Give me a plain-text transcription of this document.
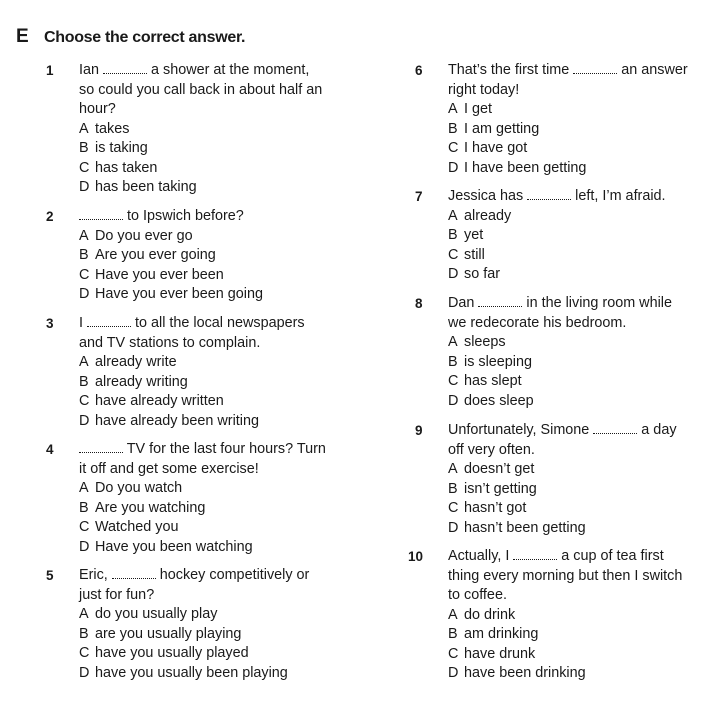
E Choose the correct answer.
1 Ian	a shower at the moment,
so could you call back in about half an
hour?
A takes
B is taking
C has taken
D has been taking
2	to Ipswich before?
A Do you ever go
B Are you ever going
C Have you ever been
D Have you ever been going
3 I	to all the local newspapers
and TV stations to complain.
A already write
B already writing
C have already written
D have already been writing
4	TV for the last four hours? Turn
it off and get some exercise!
A Do you watch
B Are you watching
C Watched you
D Have you been watching
5 Eric,	hockey competitively or
just for fun?
A do you usually play
B are you usually playing
C have you usually played
D have you usually been playing
6 That’s the first time	an answer
right today!
A I get
B I am getting
C I have got
D I have been getting
7 Jessica has	left, I’m afraid.
A already
B yet
C still
D so far
8 Dan	in the living room while
we redecorate his bedroom.
A sleeps
B is sleeping
C has slept
D does sleep
9 Unfortunately, Simone	a day
off very often.
A doesn’t get
B isn’t getting
C hasn’t got
D hasn’t been getting
10 Actually, I	a cup of tea first
thing every morning but then I switch
to coffee.
A do drink
B am drinking
C have drunk
D have been drinking
